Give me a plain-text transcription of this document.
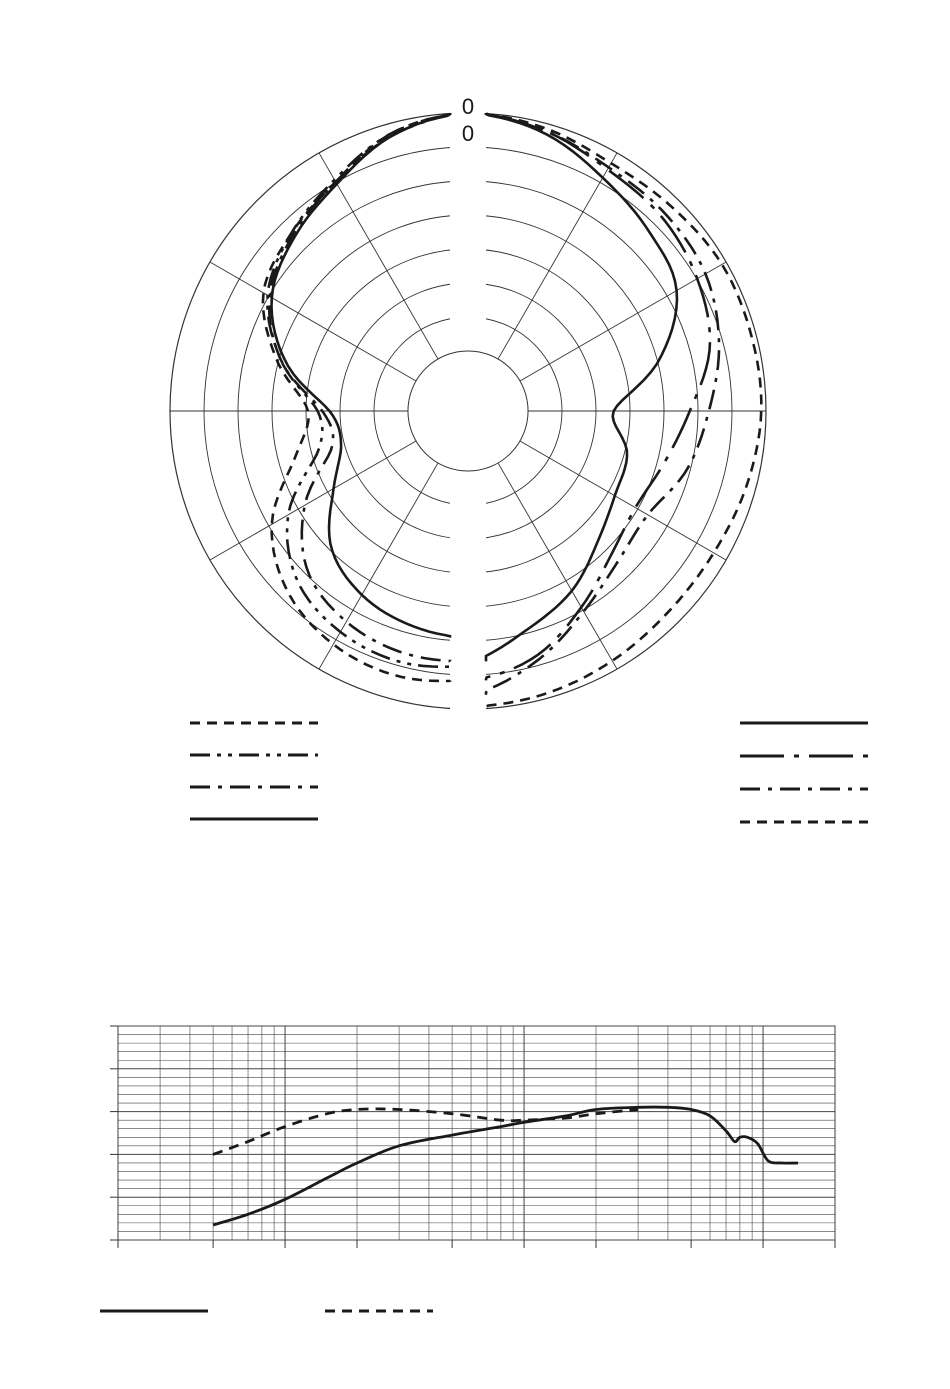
0
0
